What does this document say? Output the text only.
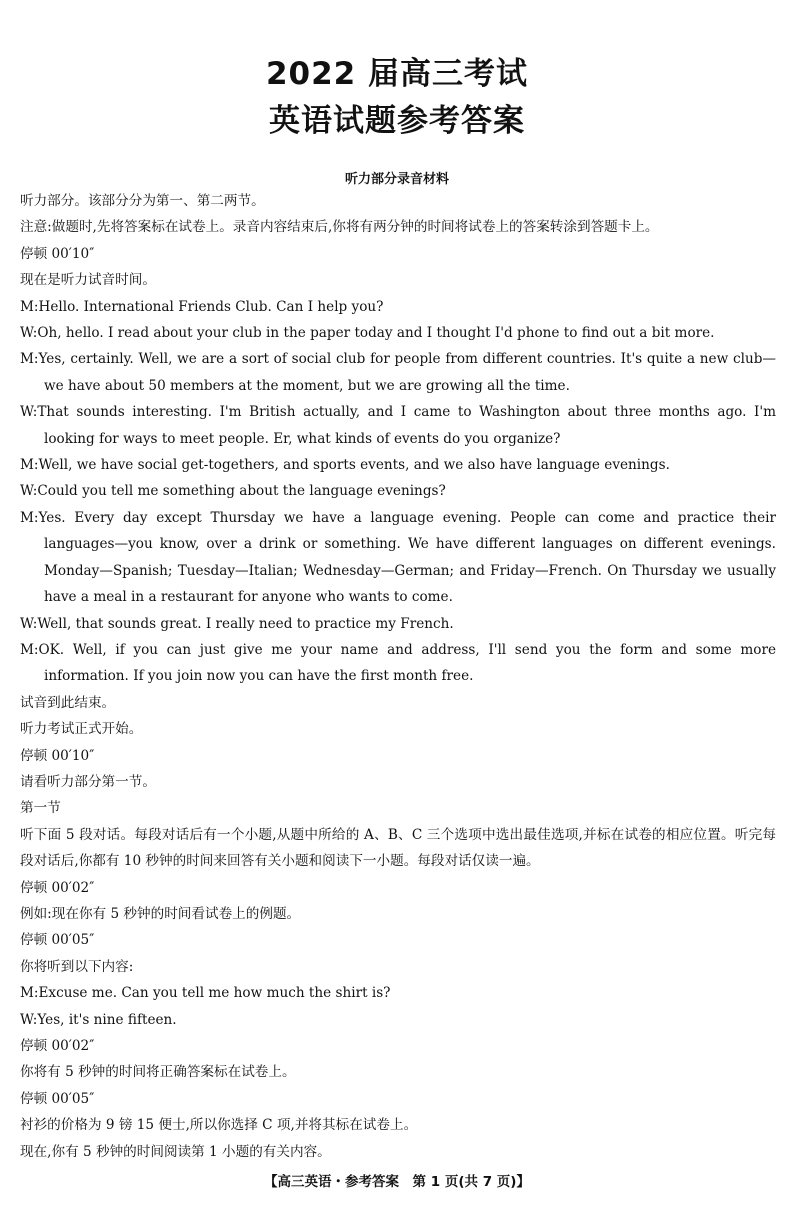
2022 届高三考试
英语试题参考答案
听力部分录音材料

听力部分。该部分分为第一、第二两节。

注意:做题时,先将答案标在试卷上。录音内容结束后,你将有两分钟的时间将试卷上的答案转涂到答题卡上。

停顿 00′10″

现在是听力试音时间。

M:Hello. International Friends Club. Can I help you?

W:Oh, hello. I read about your club in the paper today and I thought I'd phone to find out a bit more.

M:Yes, certainly. Well, we are a sort of social club for people from different countries. It's quite a new club—we have about 50 members at the moment, but we are growing all the time.

W:That sounds interesting. I'm British actually, and I came to Washington about three months ago. I'm looking for ways to meet people. Er, what kinds of events do you organize?

M:Well, we have social get-togethers, and sports events, and we also have language evenings.

W:Could you tell me something about the language evenings?

M:Yes. Every day except Thursday we have a language evening. People can come and practice their languages—you know, over a drink or something. We have different languages on different evenings. Monday—Spanish; Tuesday—Italian; Wednesday—German; and Friday—French. On Thursday we usually have a meal in a restaurant for anyone who wants to come.

W:Well, that sounds great. I really need to practice my French.

M:OK. Well, if you can just give me your name and address, I'll send you the form and some more information. If you join now you can have the first month free.

试音到此结束。

听力考试正式开始。

停顿 00′10″

请看听力部分第一节。

第一节

听下面 5 段对话。每段对话后有一个小题,从题中所给的 A、B、C 三个选项中选出最佳选项,并标在试卷的相应位置。听完每段对话后,你都有 10 秒钟的时间来回答有关小题和阅读下一小题。每段对话仅读一遍。

停顿 00′02″

例如:现在你有 5 秒钟的时间看试卷上的例题。

停顿 00′05″

你将听到以下内容:

M:Excuse me. Can you tell me how much the shirt is?

W:Yes, it's nine fifteen.

停顿 00′02″

你将有 5 秒钟的时间将正确答案标在试卷上。

停顿 00′05″

衬衫的价格为 9 镑 15 便士,所以你选择 C 项,并将其标在试卷上。

现在,你有 5 秒钟的时间阅读第 1 小题的有关内容。

【高三英语・参考答案　第 1 页(共 7 页)】
